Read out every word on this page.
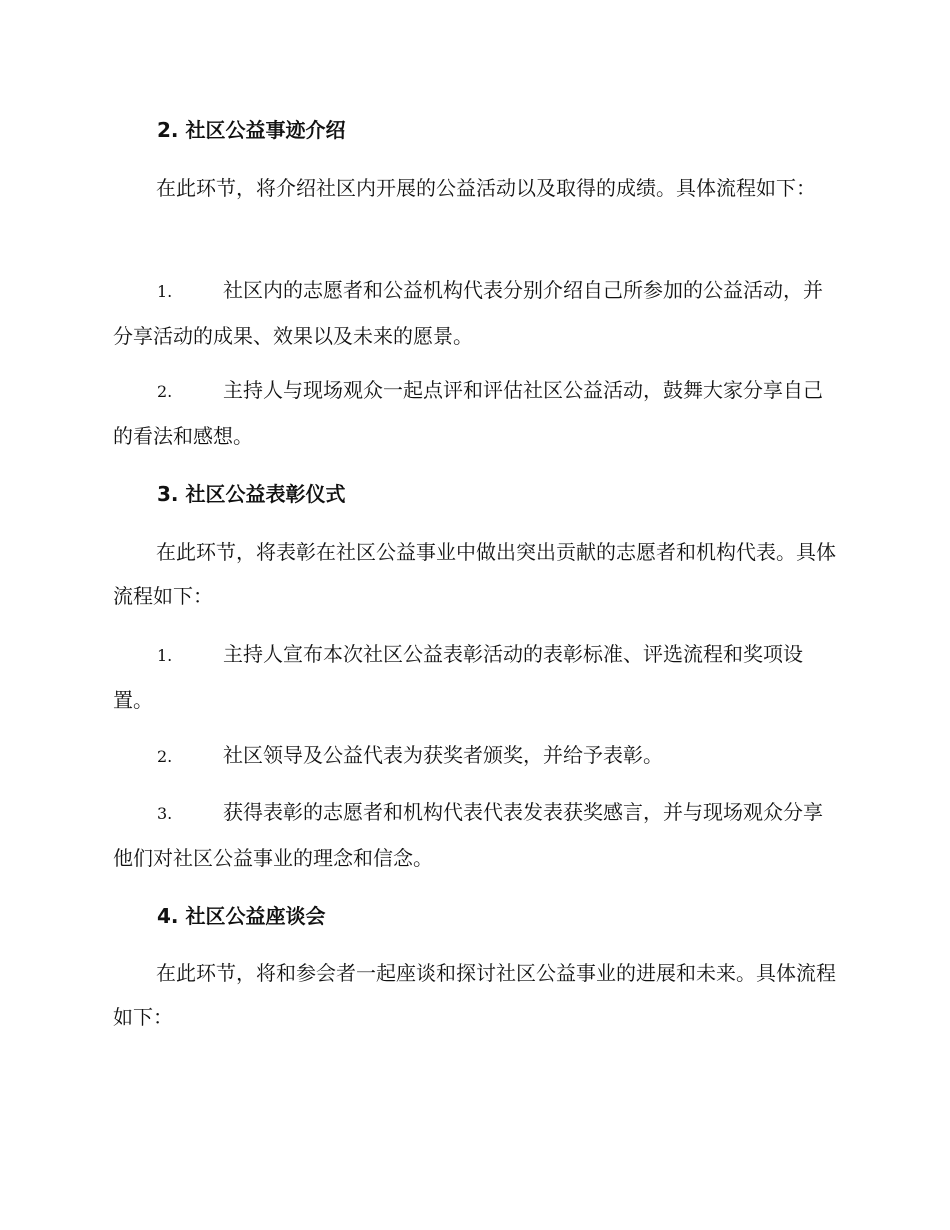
2. 社区公益事迹介绍
在此环节，将介绍社区内开展的公益活动以及取得的成绩。具体流程如下：
1.	社区内的志愿者和公益机构代表分别介绍自己所参加的公益活动，并分享活动的成果、效果以及未来的愿景。
2.	主持人与现场观众一起点评和评估社区公益活动，鼓舞大家分享自己的看法和感想。
3. 社区公益表彰仪式
在此环节，将表彰在社区公益事业中做出突出贡献的志愿者和机构代表。具体流程如下：
1.	主持人宣布本次社区公益表彰活动的表彰标准、评选流程和奖项设置。
2.	社区领导及公益代表为获奖者颁奖，并给予表彰。
3.	获得表彰的志愿者和机构代表代表发表获奖感言，并与现场观众分享他们对社区公益事业的理念和信念。
4. 社区公益座谈会
在此环节，将和参会者一起座谈和探讨社区公益事业的进展和未来。具体流程如下：
